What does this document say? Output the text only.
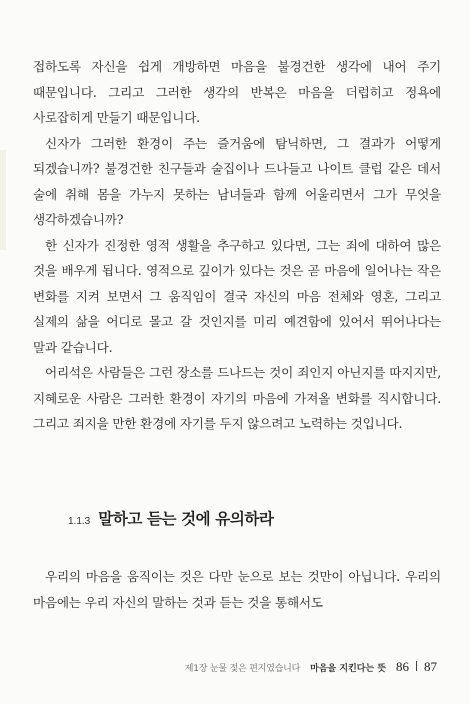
접하도록 자신을 쉽게 개방하면 마음을 불경건한 생각에 내어 주기 때문입니다. 그리고 그러한 생각의 반복은 마음을 더럽히고 정욕에 사로잡히게 만들기 때문입니다.

신자가 그러한 환경이 주는 즐거움에 탐닉하면, 그 결과가 어떻게 되겠습니까? 불경건한 친구들과 술집이나 드나들고 나이트 클럽 같은 데서 술에 취해 몸을 가누지 못하는 남녀들과 함께 어울리면서 그가 무엇을 생각하겠습니까?

한 신자가 진정한 영적 생활을 추구하고 있다면, 그는 죄에 대하여 많은 것을 배우게 됩니다. 영적으로 깊이가 있다는 것은 곧 마음에 일어나는 작은 변화를 지켜 보면서 그 움직임이 결국 자신의 마음 전체와 영혼, 그리고 실제의 삶을 어디로 몰고 갈 것인지를 미리 예견함에 있어서 뛰어나다는 말과 같습니다.

어리석은 사람들은 그런 장소를 드나드는 것이 죄인지 아닌지를 따지지만, 지혜로운 사람은 그러한 환경이 자기의 마음에 가져올 변화를 직시합니다. 그리고 죄지을 만한 환경에 자기를 두지 않으려고 노력하는 것입니다.

1.1.3 말하고 듣는 것에 유의하라

우리의 마음을 움직이는 것은 다만 눈으로 보는 것만이 아닙니다. 우리의 마음에는 우리 자신의 말하는 것과 듣는 것을 통해서도

제1장 눈물 젖은 편지였습니다 마음을 지킨다는 뜻 86 87
